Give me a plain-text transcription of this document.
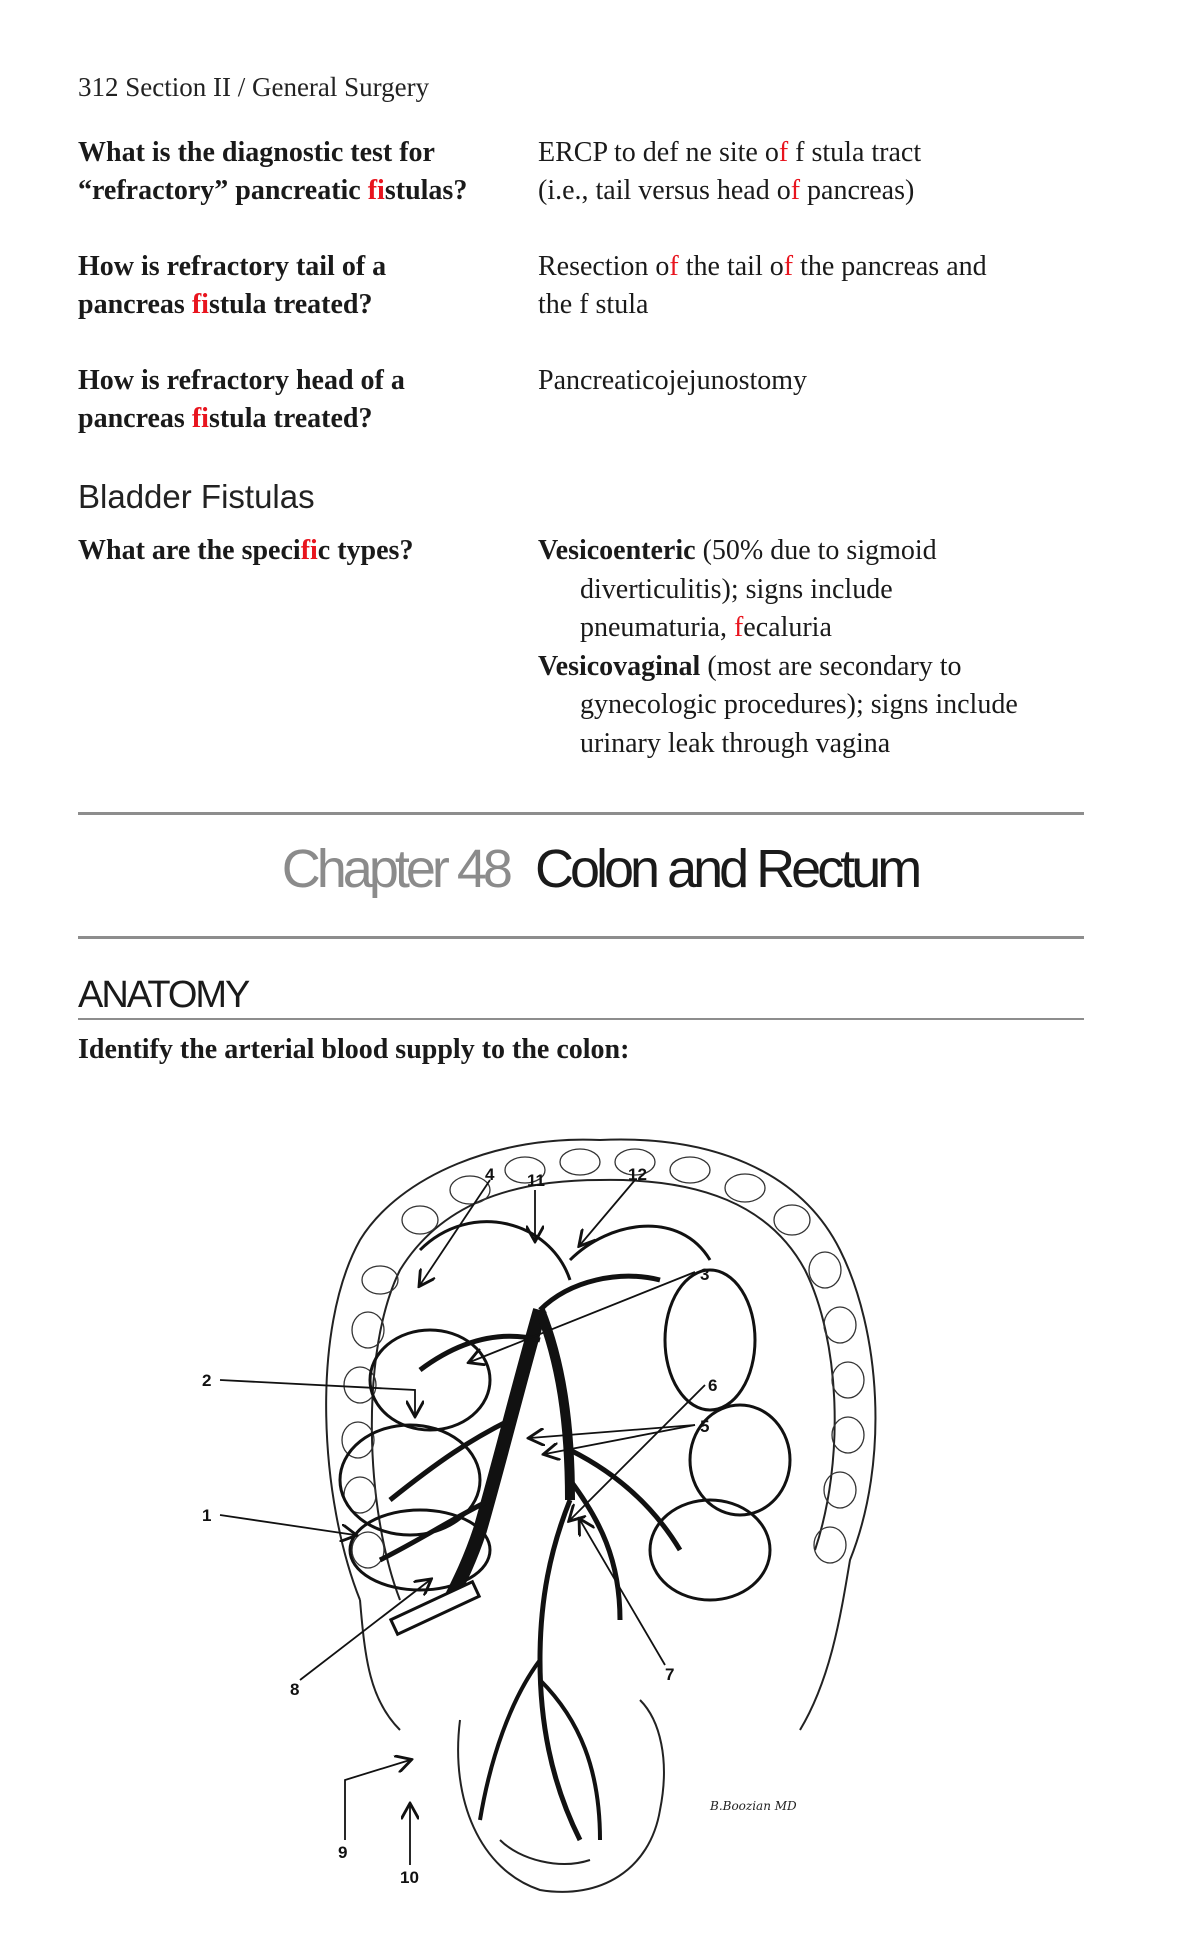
312 Section II / General Surgery
What is the diagnostic test for
“refractory” pancreatic fistulas?
ERCP to def ne site of f stula tract
(i.e., tail versus head of pancreas)
How is refractory tail of a
pancreas fistula treated?
Resection of the tail of the pancreas and
the f stula
How is refractory head of a
pancreas fistula treated?
Pancreaticojejunostomy
Bladder Fistulas
What are the specific types?	Vesicoenteric (50% due to sigmoid
diverticulitis); signs include
pneumaturia, fecaluria
Vesicovaginal (most are secondary to
gynecologic procedures); signs include
urinary leak through vagina
Chapter 48 Colon and Rectum
ANATOMY
Identify the arterial blood supply to the colon:
1
2
3
4
5
6
7
8
9
10
11	12
B.Boozian MD
